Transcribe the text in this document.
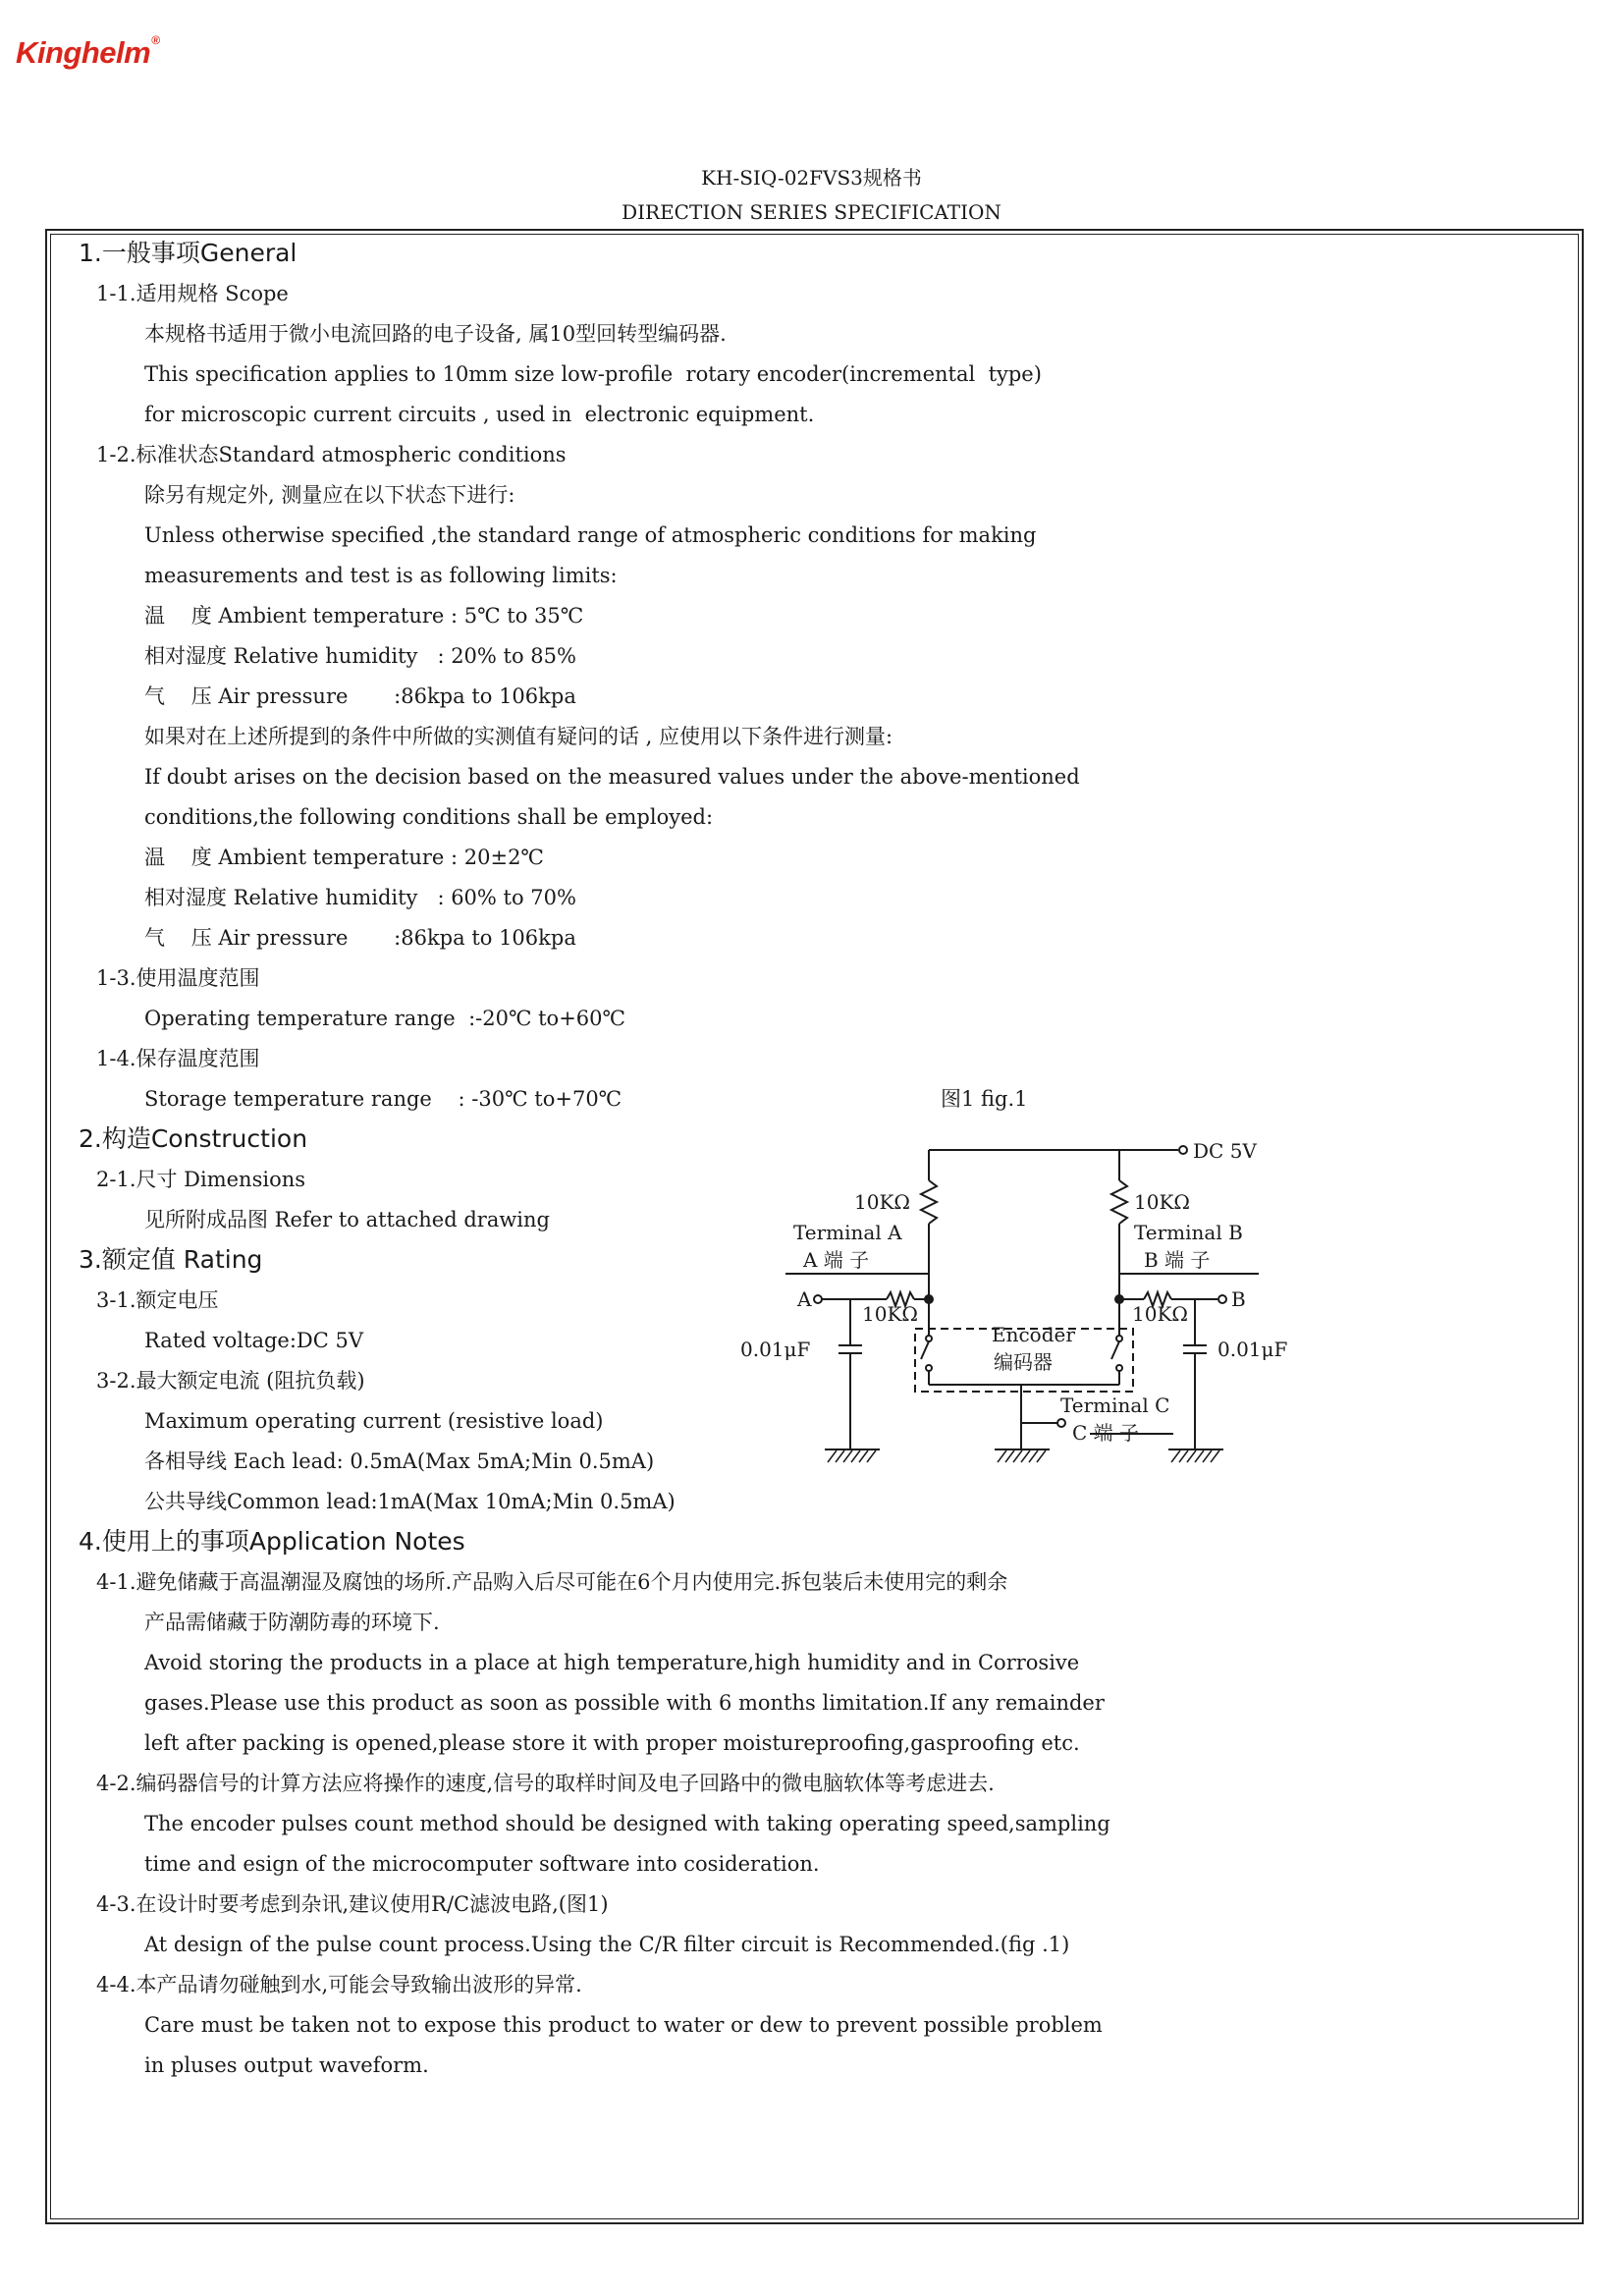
Kinghelm®
KH-SIQ-02FVS3规格书
DIRECTION SERIES SPECIFICATION
1.一般事项General
1-1.适用规格 Scope
本规格书适用于微小电流回路的电子设备, 属10型回转型编码器.
This specification applies to 10mm size low-profile  rotary encoder(incremental  type)
for microscopic current circuits , used in  electronic equipment.
1-2.标准状态Standard atmospheric conditions
除另有规定外, 测量应在以下状态下进行:
Unless otherwise specified ,the standard range of atmospheric conditions for making
measurements and test is as following limits:
温    度 Ambient temperature : 5℃ to 35℃
相对湿度 Relative humidity   : 20% to 85%
气    压 Air pressure       :86kpa to 106kpa
如果对在上述所提到的条件中所做的实测值有疑问的话 , 应使用以下条件进行测量:
If doubt arises on the decision based on the measured values under the above-mentioned
conditions,the following conditions shall be employed:
温    度 Ambient temperature : 20±2℃
相对湿度 Relative humidity   : 60% to 70%
气    压 Air pressure       :86kpa to 106kpa
1-3.使用温度范围
Operating temperature range  :-20℃ to+60℃
1-4.保存温度范围
Storage temperature range    : -30℃ to+70℃	图1 fig.1
2.构造Construction
2-1.尺寸 Dimensions
见所附成品图 Refer to attached drawing
3.额定值 Rating
3-1.额定电压
Rated voltage:DC 5V
3-2.最大额定电流 (阻抗负载)
Maximum operating current (resistive load)
各相导线 Each lead: 0.5mA(Max 5mA;Min 0.5mA)
公共导线Common lead:1mA(Max 10mA;Min 0.5mA)
4.使用上的事项Application Notes
4-1.避免储藏于高温潮湿及腐蚀的场所.产品购入后尽可能在6个月内使用完.拆包装后未使用完的剩余
产品需储藏于防潮防毒的环境下.
Avoid storing the products in a place at high temperature,high humidity and in Corrosive
gases.Please use this product as soon as possible with 6 months limitation.If any remainder
left after packing is opened,please store it with proper moistureproofing,gasproofing etc.
4-2.编码器信号的计算方法应将操作的速度,信号的取样时间及电子回路中的微电脑软体等考虑进去.
The encoder pulses count method should be designed with taking operating speed,sampling
time and esign of the microcomputer software into cosideration.
4-3.在设计时要考虑到杂讯,建议使用R/C滤波电路,(图1)
At design of the pulse count process.Using the C/R filter circuit is Recommended.(fig .1)
4-4.本产品请勿碰触到水,可能会导致输出波形的异常.
Care must be taken not to expose this product to water or dew to prevent possible problem
in pluses output waveform.
DC 5V
10KΩ	10KΩ
Terminal A
A 端 子
Terminal B
B 端 子
A	B
10KΩ	10KΩ
0.01μF	0.01μF
Encoder
编码器
Terminal C
C 端 子
